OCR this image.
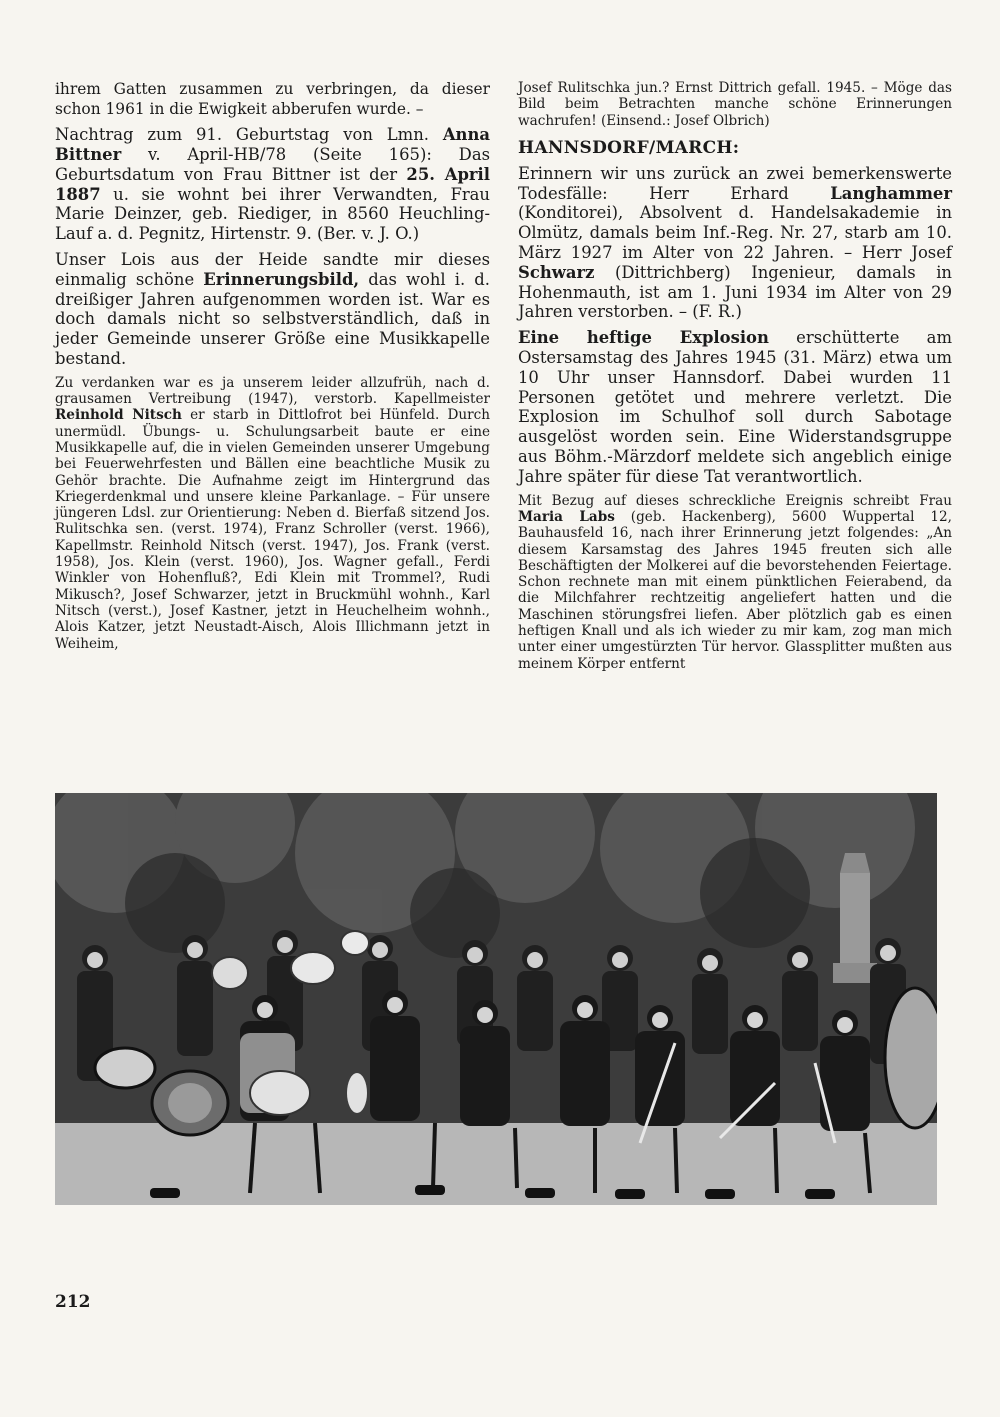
ihrem Gatten zusammen zu verbringen, da dieser schon 1961 in die Ewigkeit abberufen wurde. –

Nachtrag zum 91. Geburtstag von Lmn. Anna Bittner v. April-HB/78 (Seite 165): Das Geburtsdatum von Frau Bittner ist der 25. April 1887 u. sie wohnt bei ihrer Verwandten, Frau Marie Deinzer, geb. Riediger, in 8560 Heuchling-Lauf a. d. Pegnitz, Hirtenstr. 9. (Ber. v. J. O.)

Unser Lois aus der Heide sandte mir dieses einmalig schöne Erinnerungsbild, das wohl i. d. dreißiger Jahren aufgenommen worden ist. War es doch damals nicht so selbstverständlich, daß in jeder Gemeinde unserer Größe eine Musikkapelle bestand.

Zu verdanken war es ja unserem leider allzufrüh, nach d. grausamen Vertreibung (1947), verstorb. Kapellmeister Reinhold Nitsch er starb in Dittlofrot bei Hünfeld. Durch unermüdl. Übungs- u. Schulungsarbeit baute er eine Musikkapelle auf, die in vielen Gemeinden unserer Umgebung bei Feuerwehrfesten und Bällen eine beachtliche Musik zu Gehör brachte. Die Aufnahme zeigt im Hintergrund das Kriegerdenkmal und unsere kleine Parkanlage. – Für unsere jüngeren Ldsl. zur Orientierung: Neben d. Bierfaß sitzend Jos. Rulitschka sen. (verst. 1974), Franz Schroller (verst. 1966), Kapellmstr. Reinhold Nitsch (verst. 1947), Jos. Frank (verst. 1958), Jos. Klein (verst. 1960), Jos. Wagner gefall., Ferdi Winkler von Hohenfluß?, Edi Klein mit Trommel?, Rudi Mikusch?, Josef Schwarzer, jetzt in Bruckmühl wohnh., Karl Nitsch (verst.), Josef Kastner, jetzt in Heuchelheim wohnh., Alois Katzer, jetzt Neustadt-Aisch, Alois Illichmann jetzt in Weiheim,

Josef Rulitschka jun.? Ernst Dittrich gefall. 1945. – Möge das Bild beim Betrachten manche schöne Erinnerungen wachrufen! (Einsend.: Josef Olbrich)

HANNSDORF/MARCH:

Erinnern wir uns zurück an zwei bemerkenswerte Todesfälle: Herr Erhard Langhammer (Konditorei), Absolvent d. Handelsakademie in Olmütz, damals beim Inf.-Reg. Nr. 27, starb am 10. März 1927 im Alter von 22 Jahren. – Herr Josef Schwarz (Dittrichberg) Ingenieur, damals in Hohenmauth, ist am 1. Juni 1934 im Alter von 29 Jahren verstorben. – (F. R.)

Eine heftige Explosion erschütterte am Ostersamstag des Jahres 1945 (31. März) etwa um 10 Uhr unser Hannsdorf. Dabei wurden 11 Personen getötet und mehrere verletzt. Die Explosion im Schulhof soll durch Sabotage ausgelöst worden sein. Eine Widerstandsgruppe aus Böhm.-Märzdorf meldete sich angeblich einige Jahre später für diese Tat verantwortlich.

Mit Bezug auf dieses schreckliche Ereignis schreibt Frau Maria Labs (geb. Hackenberg), 5600 Wuppertal 12, Bauhausfeld 16, nach ihrer Erinnerung jetzt folgendes: „An diesem Karsamstag des Jahres 1945 freuten sich alle Beschäftigten der Molkerei auf die bevorstehenden Feiertage. Schon rechnete man mit einem pünktlichen Feierabend, da die Milchfahrer rechtzeitig angeliefert hatten und die Maschinen störungsfrei liefen. Aber plötzlich gab es einen heftigen Knall und als ich wieder zu mir kam, zog man mich unter einer umgestürzten Tür hervor. Glassplitter mußten aus meinem Körper entfernt

212
